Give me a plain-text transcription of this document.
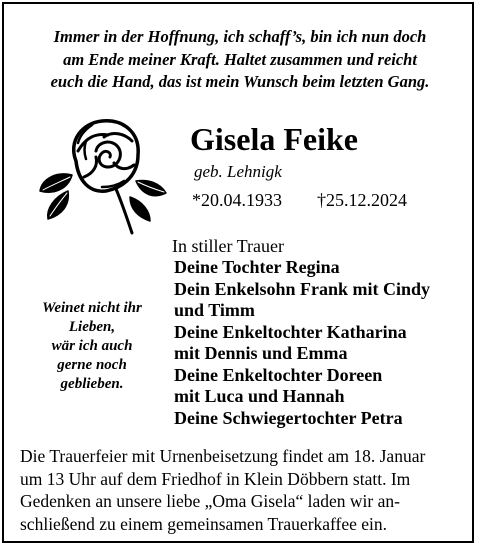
Immer in der Hoffnung, ich schaff’s, bin ich nun doch
am Ende meiner Kraft. Haltet zusammen und reicht
euch die Hand, das ist mein Wunsch beim letzten Gang.
Gisela Feike
geb. Lehnigk
*20.04.1933 †25.12.2024
In stiller Trauer
Deine Tochter Regina
Dein Enkelsohn Frank mit Cindy
und Timm
Deine Enkeltochter Katharina
mit Dennis und Emma
Deine Enkeltochter Doreen
mit Luca und Hannah
Deine Schwiegertochter Petra
Weinet nicht ihr
Lieben,
wär ich auch
gerne noch
geblieben.
Die Trauerfeier mit Urnenbeisetzung findet am 18. Januar
um 13 Uhr auf dem Friedhof in Klein Döbbern statt. Im
Gedenken an unsere liebe „Oma Gisela“ laden wir an-
schließend zu einem gemeinsamen Trauerkaffee ein.
